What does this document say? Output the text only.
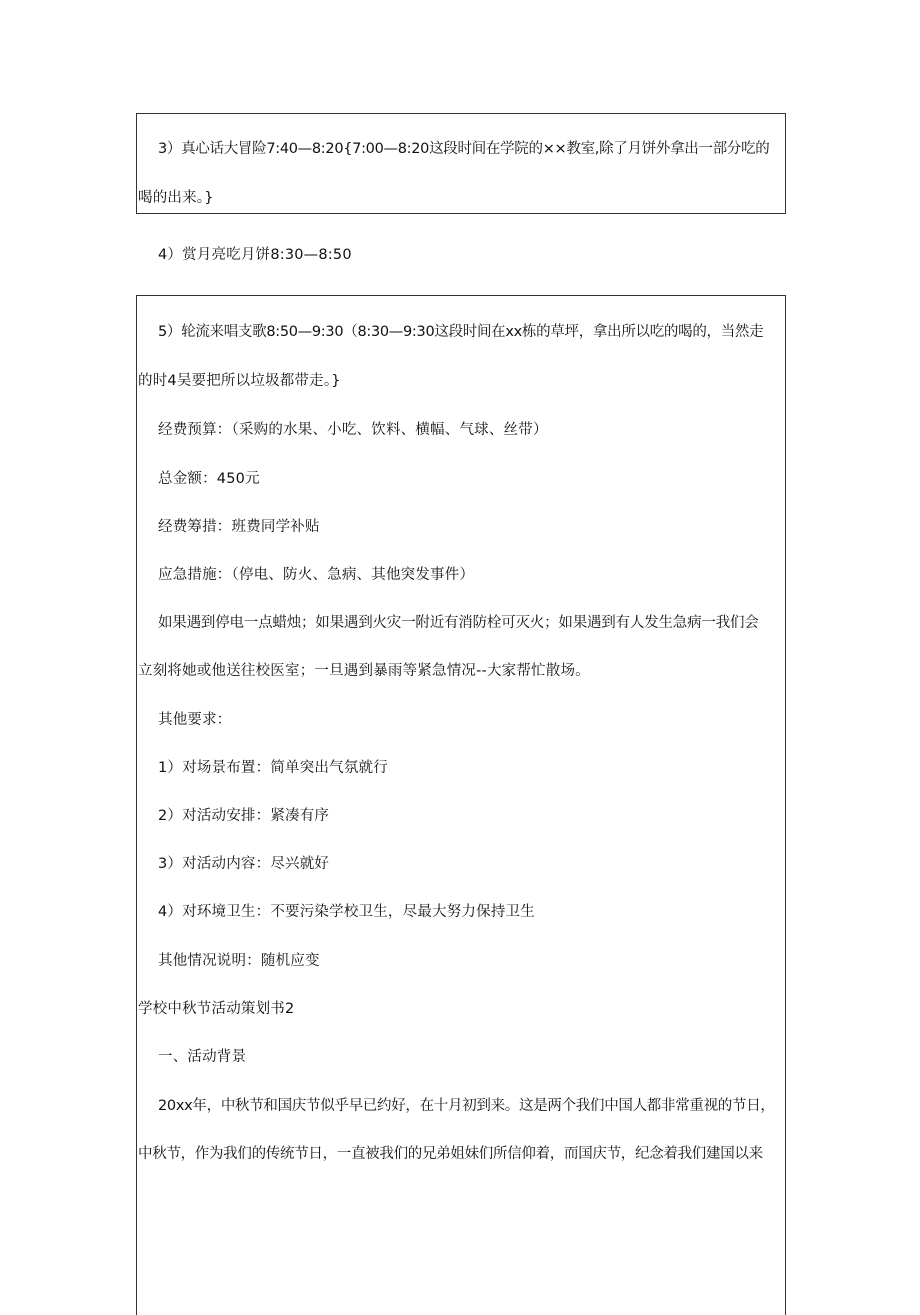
3）真心话大冒险7:40—8:20{7:00—8:20这段时间在学院的××教室,除了月饼外拿出一部分吃的
喝的出来。}
4）赏月亮吃月饼8:30—8:50
5）轮流来唱支歌8:50—9:30（8:30—9:30这段时间在xx栋的草坪，拿出所以吃的喝的，当然走
的时4吴要把所以垃圾都带走。}
经费预算：（采购的水果、小吃、饮料、横幅、气球、丝带）
总金额：450元
经费筹措：班费同学补贴
应急措施：（停电、防火、急病、其他突发事件）
如果遇到停电一点蜡烛；如果遇到火灾一附近有消防栓可灭火；如果遇到有人发生急病一我们会
立刻将她或他送往校医室；一旦遇到暴雨等紧急情况--大家帮忙散场。
其他要求：
1）对场景布置：简单突出气氛就行
2）对活动安排：紧凑有序
3）对活动内容：尽兴就好
4）对环境卫生：不要污染学校卫生，尽最大努力保持卫生
其他情况说明：随机应变
学校中秋节活动策划书2
一、活动背景
20xx年，中秋节和国庆节似乎早已约好，在十月初到来。这是两个我们中国人都非常重视的节日，
中秋节，作为我们的传统节日，一直被我们的兄弟姐妹们所信仰着，而国庆节，纪念着我们建国以来
